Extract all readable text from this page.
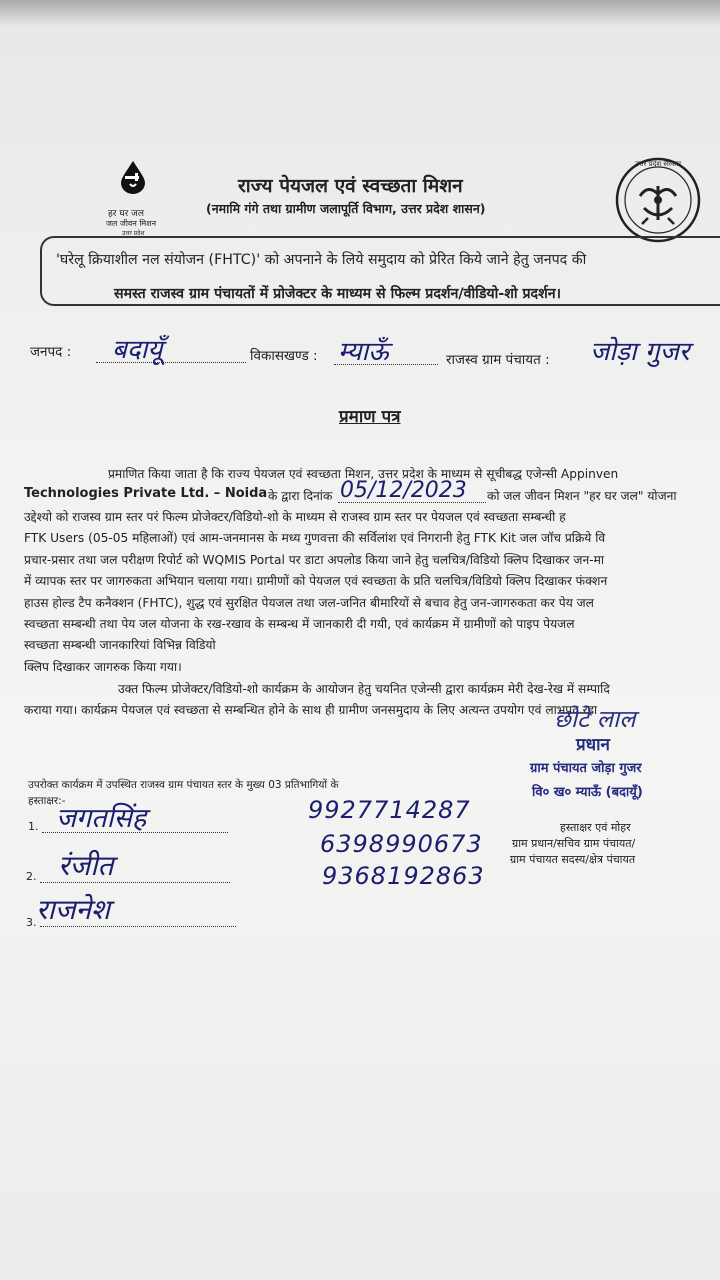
हर घर जल
जल जीवन मिशन
उत्तर प्रदेश
राज्य पेयजल एवं स्वच्छता मिशन
(नमामि गंगे तथा ग्रामीण जलापूर्ति विभाग, उत्तर प्रदेश शासन)
उत्तर प्रदेश सरकार
'घरेलू क्रियाशील नल संयोजन (FHTC)' को अपनाने के लिये समुदाय को प्रेरित किये जाने हेतु जनपद की
समस्त राजस्व ग्राम पंचायतों में प्रोजेक्टर के माध्यम से फिल्म प्रदर्शन/वीडियो-शो प्रदर्शन।
जनपद : बदायूँ	विकासखण्ड : म्याऊँ	राजस्व ग्राम पंचायत : जोड़ा गुजर
प्रमाण पत्र
प्रमाणित किया जाता है कि राज्य पेयजल एवं स्वच्छता मिशन, उत्तर प्रदेश के माध्यम से सूचीबद्ध एजेन्सी Appinven
Technologies Private Ltd. – Noida के द्वारा दिनांक 05/12/2023 को जल जीवन मिशन "हर घर जल" योजना
उद्देश्यो को राजस्व ग्राम स्तर परं फिल्म प्रोजेक्टर/विडियो-शो के माध्यम से राजस्व ग्राम स्तर पर पेयजल एवं स्वच्छता सम्बन्धी ह
FTK Users (05-05 महिलाओं) एवं आम-जनमानस के मध्य गुणवत्ता की सर्विलांश एवं निगरानी हेतु FTK Kit जल जॉच प्रक्रिये वि
प्रचार-प्रसार तथा जल परीक्षण रिपोर्ट को WQMIS Portal पर डाटा अपलोड किया जाने हेतु चलचित्र/विडियो क्लिप दिखाकर जन-मा
में व्यापक स्तर पर जागरुकता अभियान चलाया गया। ग्रामीणों को पेयजल एवं स्वच्छता के प्रति चलचित्र/विडियो क्लिप दिखाकर फंक्शन
हाउस होल्ड टैप कनैक्शन (FHTC), शुद्ध एवं सुरक्षित पेयजल तथा जल-जनित बीमारियों से बचाव हेतु जन-जागरुकता कर पेय जल
स्वच्छता सम्बन्धी तथा पेय जल योजना के रख-रखाव के सम्बन्ध में जानकारी दी गयी, एवं कार्यक्रम में ग्रामीणों को पाइप पेयजल
स्वच्छता सम्बन्धी जानकारियां विभिन्न विडियो
क्लिप दिखाकर जागरुक किया गया।
उक्त फिल्म प्रोजेक्टर/विडियो-शो कार्यक्रम के आयोजन हेतु चयनित एजेन्सी द्वारा कार्यक्रम मेरी देख-रेख में सम्पादि
कराया गया। कार्यक्रम पेयजल एवं स्वच्छता से सम्बन्धित होने के साथ ही ग्रामीण जनसमुदाय के लिए अत्यन्त उपयोग एवं लाभप्रद रहा
छोटे लाल
प्रधान
ग्राम पंचायत जोड़ा गुजर
वि० ख० म्याऊँ (बदायूँ)
हस्ताक्षर एवं मोहर
ग्राम प्रधान/सचिव ग्राम पंचायत/
ग्राम पंचायत सदस्य/क्षेत्र पंचायत
उपरोक्त कार्यक्रम में उपस्थित राजस्व ग्राम पंचायत स्तर के मुख्य 03 प्रतिभागियों के
हस्ताक्षर:-
1. जगतसिंह
2. रंजीत
3. राजनेश
9927714287
6398990673
9368192863
